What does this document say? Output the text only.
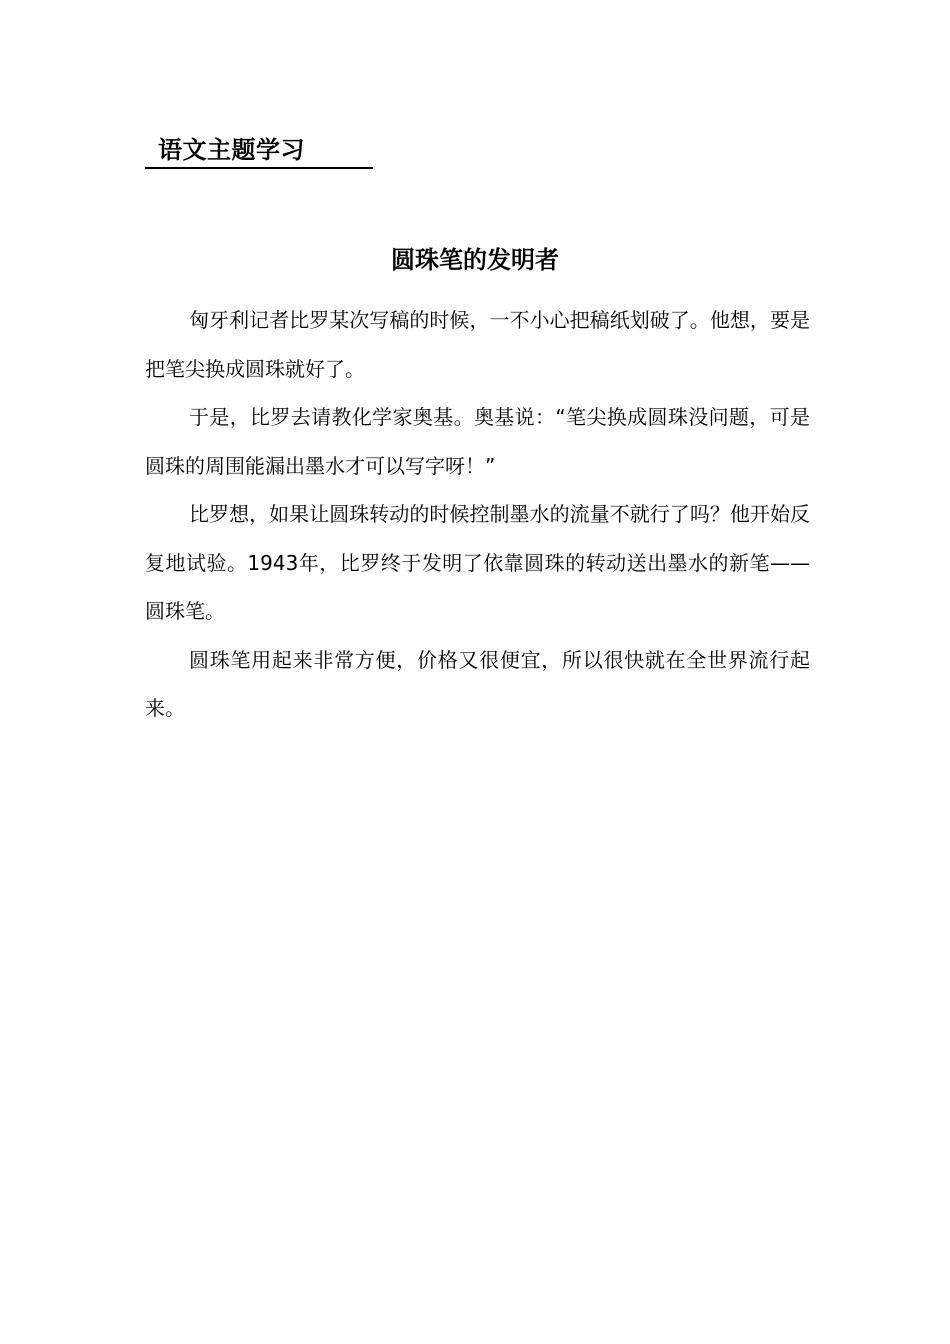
语文主题学习
圆珠笔的发明者

匈牙利记者比罗某次写稿的时候，一不小心把稿纸划破了。他想，要是把笔尖换成圆珠就好了。

于是，比罗去请教化学家奥基。奥基说：“笔尖换成圆珠没问题，可是圆珠的周围能漏出墨水才可以写字呀！”

比罗想，如果让圆珠转动的时候控制墨水的流量不就行了吗？他开始反复地试验。1943年，比罗终于发明了依靠圆珠的转动送出墨水的新笔——圆珠笔。

圆珠笔用起来非常方便，价格又很便宜，所以很快就在全世界流行起来。
